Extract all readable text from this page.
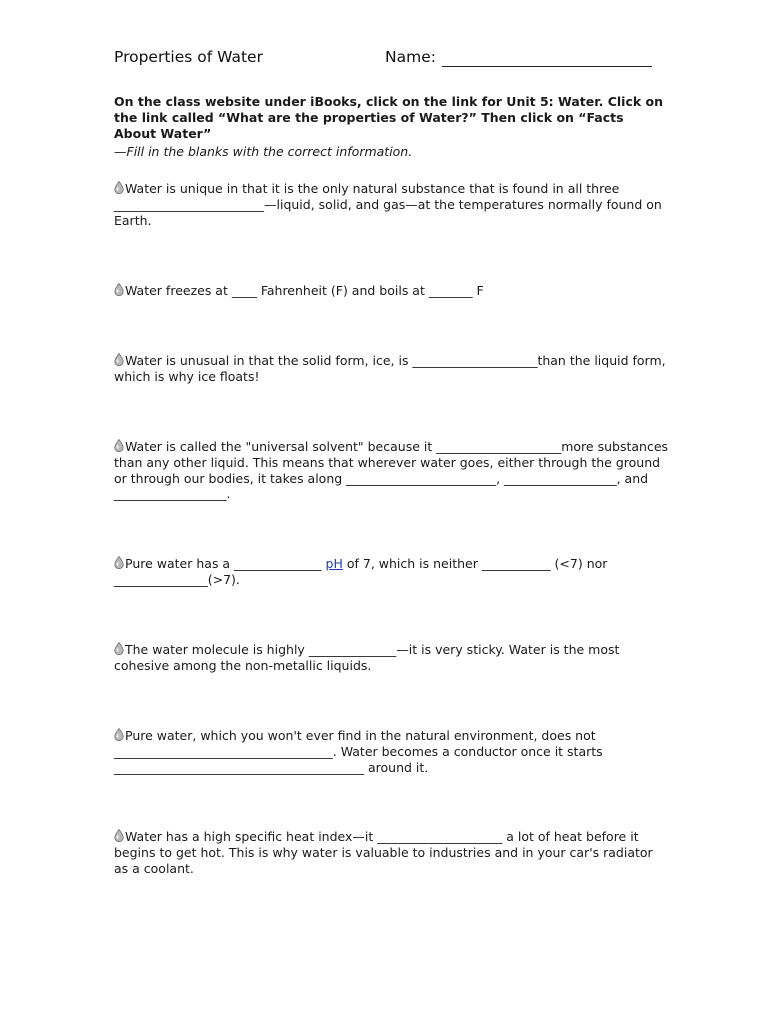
Properties of Water	Name:
On the class website under iBooks, click on the link for Unit 5: Water. Click on the link called “What are the properties of Water?” Then click on “Facts About Water”
—Fill in the blanks with the correct information.
Water is unique in that it is the only natural substance that is found in all three ________________________—liquid, solid, and gas—at the temperatures normally found on Earth.
Water freezes at ____ Fahrenheit (F) and boils at _______ F
Water is unusual in that the solid form, ice, is ____________________than the liquid form, which is why ice floats!
Water is called the "universal solvent" because it ____________________more substances than any other liquid. This means that wherever water goes, either through the ground or through our bodies, it takes along ________________________, __________________, and __________________.
Pure water has a ______________ pH of 7, which is neither ___________ (<7) nor _______________(>7).
The water molecule is highly ______________—it is very sticky. Water is the most cohesive among the non-metallic liquids.
Pure water, which you won't ever find in the natural environment, does not ___________________________________. Water becomes a conductor once it starts ________________________________________ around it.
Water has a high specific heat index—it ____________________ a lot of heat before it begins to get hot. This is why water is valuable to industries and in your car's radiator as a coolant.
